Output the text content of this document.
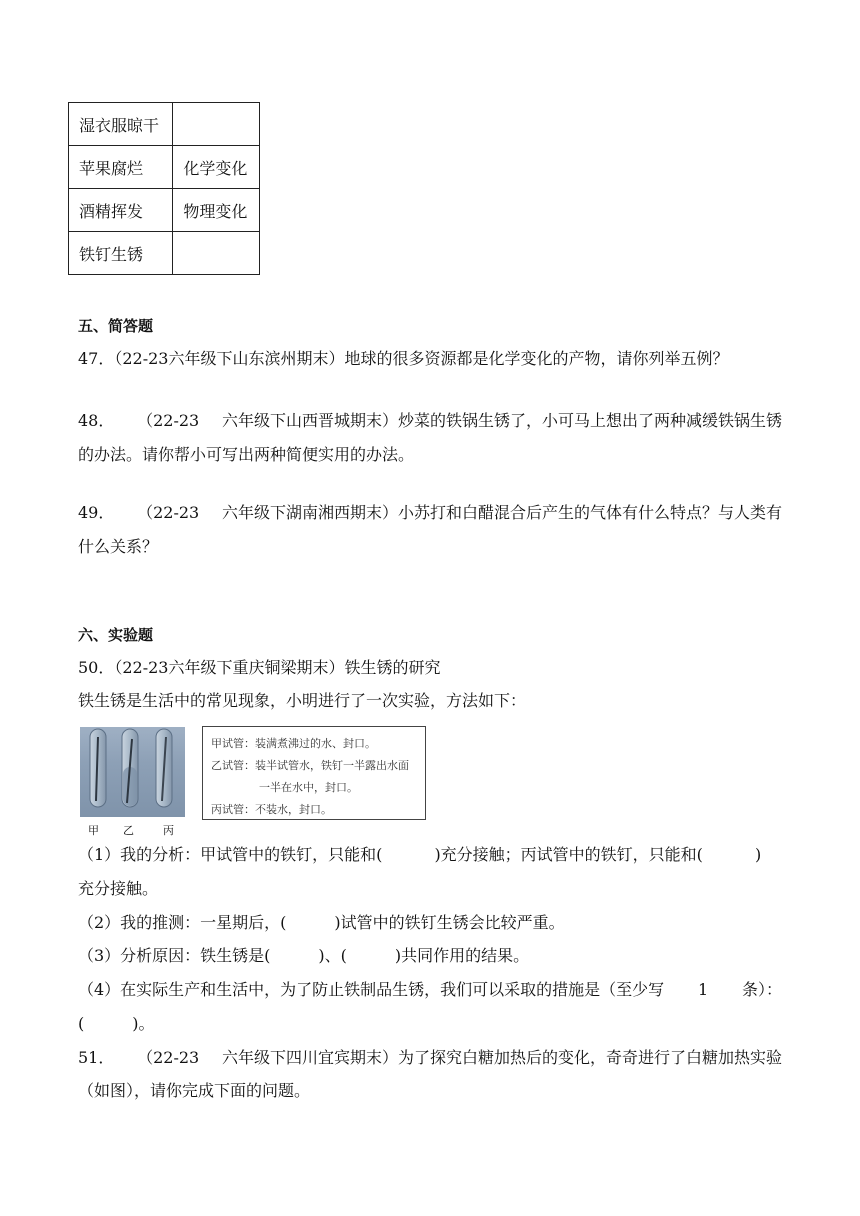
湿衣服晾干	
苹果腐烂	化学变化
酒精挥发	物理变化
铁钉生锈	
五、简答题
47．（22-23六年级下山东滨州期末）地球的很多资源都是化学变化的产物，请你列举五例？
48． （22-23 六年级下山西晋城期末）炒菜的铁锅生锈了，小可马上想出了两种减缓铁锅生锈
的办法。请你帮小可写出两种简便实用的办法。
49． （22-23 六年级下湖南湘西期末）小苏打和白醋混合后产生的气体有什么特点？与人类有
什么关系？
六、实验题
50．（22-23六年级下重庆铜梁期末）铁生锈的研究
铁生锈是生活中的常见现象，小明进行了一次实验，方法如下：
甲 乙	丙
甲试管：装满煮沸过的水、封口。
乙试管：装半试管水，铁钉一半露出水面
一半在水中，封口。
丙试管：不装水，封口。
（1）我的分析：甲试管中的铁钉，只能和(	)充分接触；丙试管中的铁钉，只能和(	)
充分接触。
（2）我的推测：一星期后，(　　　)试管中的铁钉生锈会比较严重。
（3）分析原因：铁生锈是(　　　)、(　　　)共同作用的结果。
（4）在实际生产和生活中，为了防止铁制品生锈，我们可以采取的措施是（至少写 1 条）：
(　　　)。
51． （22-23 六年级下四川宜宾期末）为了探究白糖加热后的变化，奇奇进行了白糖加热实验
（如图），请你完成下面的问题。
